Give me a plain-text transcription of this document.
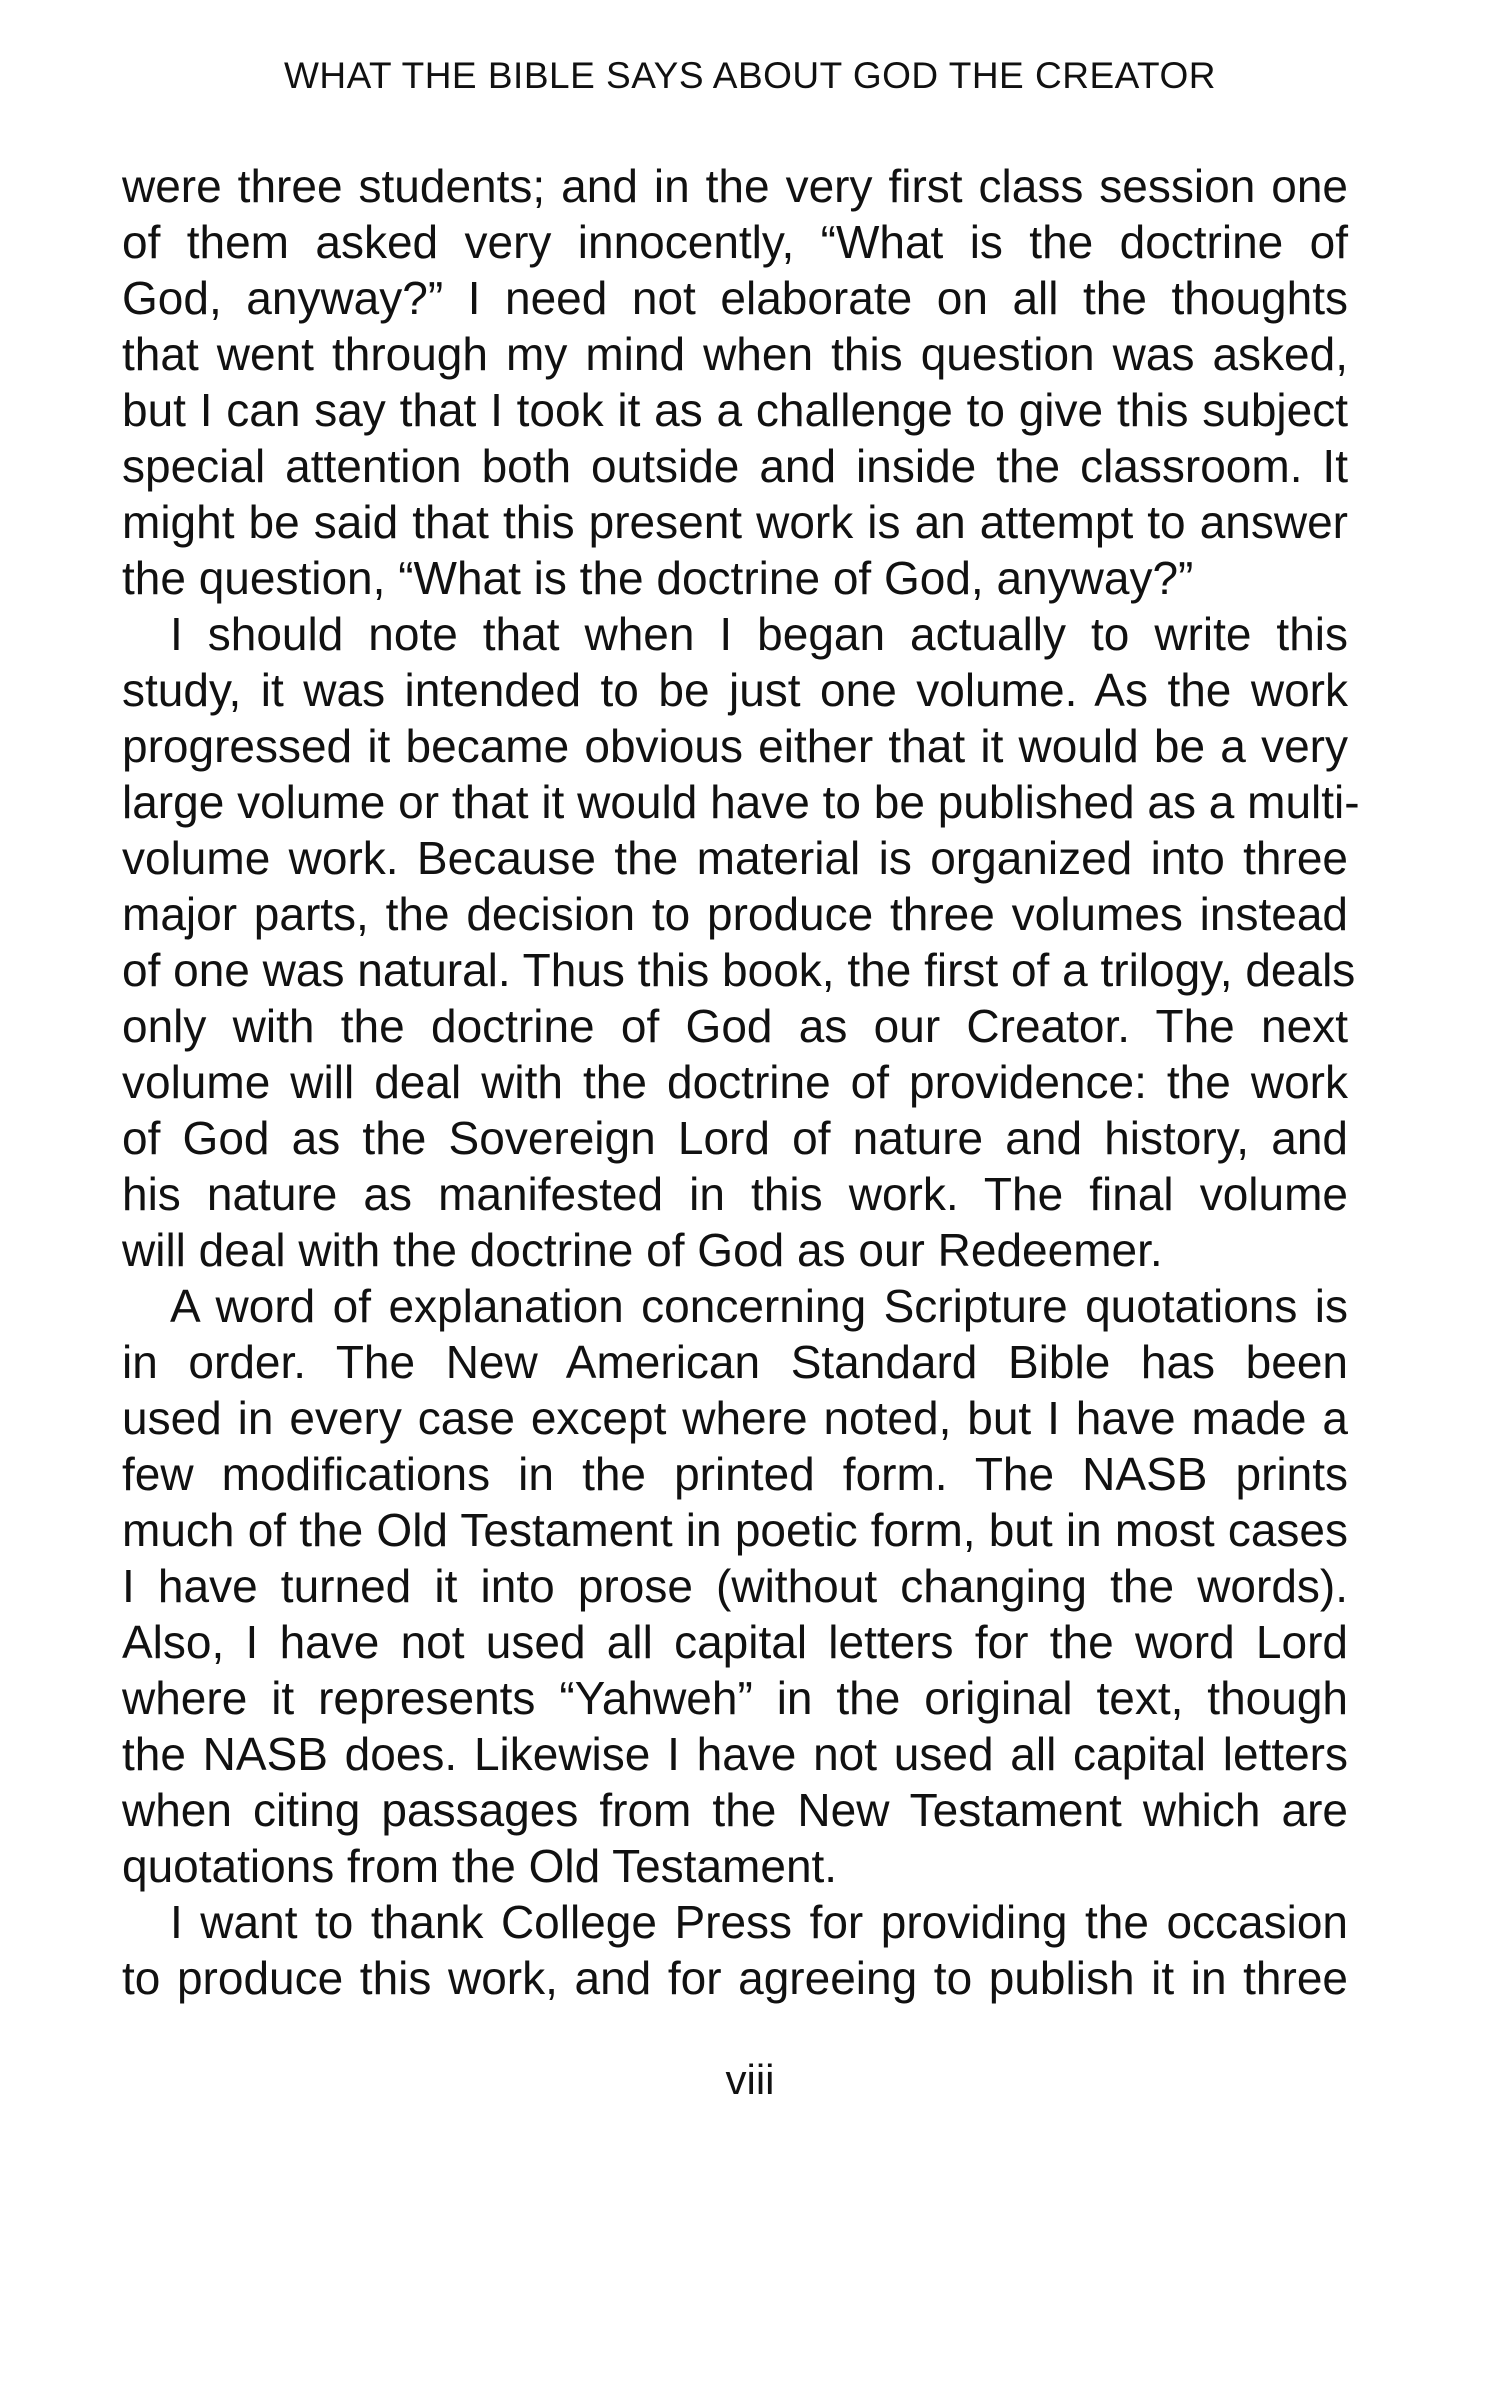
WHAT THE BIBLE SAYS ABOUT GOD THE CREATOR
were three students; and in the very first class session one
of them asked very innocently, “What is the doctrine of
God, anyway?” I need not elaborate on all the thoughts
that went through my mind when this question was asked,
but I can say that I took it as a challenge to give this subject
special attention both outside and inside the classroom. It
might be said that this present work is an attempt to answer
the question, “What is the doctrine of God, anyway?”
I should note that when I began actually to write this
study, it was intended to be just one volume. As the work
progressed it became obvious either that it would be a very
large volume or that it would have to be published as a multi-
volume work. Because the material is organized into three
major parts, the decision to produce three volumes instead
of one was natural. Thus this book, the first of a trilogy, deals
only with the doctrine of God as our Creator. The next
volume will deal with the doctrine of providence: the work
of God as the Sovereign Lord of nature and history, and
his nature as manifested in this work. The final volume
will deal with the doctrine of God as our Redeemer.
A word of explanation concerning Scripture quotations is
in order. The New American Standard Bible has been
used in every case except where noted, but I have made a
few modifications in the printed form. The NASB prints
much of the Old Testament in poetic form, but in most cases
I have turned it into prose (without changing the words).
Also, I have not used all capital letters for the word Lord
where it represents “Yahweh” in the original text, though
the NASB does. Likewise I have not used all capital letters
when citing passages from the New Testament which are
quotations from the Old Testament.
I want to thank College Press for providing the occasion
to produce this work, and for agreeing to publish it in three
viii
